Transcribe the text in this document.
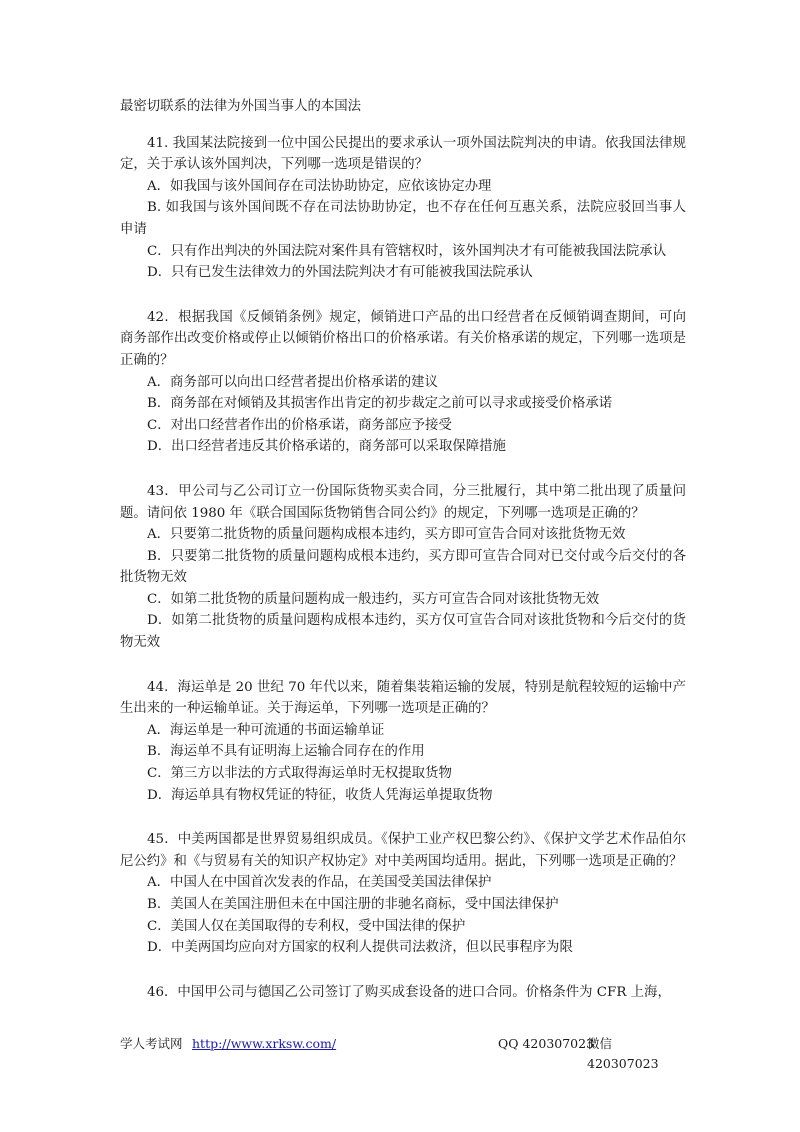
最密切联系的法律为外国当事人的本国法

41. 我国某法院接到一位中国公民提出的要求承认一项外国法院判决的申请。依我国法律规定，关于承认该外国判决，下列哪一选项是错误的？

A．如我国与该外国间存在司法协助协定，应依该协定办理

B. 如我国与该外国间既不存在司法协助协定，也不存在任何互惠关系，法院应驳回当事人申请

C．只有作出判决的外国法院对案件具有管辖权时，该外国判决才有可能被我国法院承认

D．只有已发生法律效力的外国法院判决才有可能被我国法院承认

42．根据我国《反倾销条例》规定，倾销进口产品的出口经营者在反倾销调查期间，可向商务部作出改变价格或停止以倾销价格出口的价格承诺。有关价格承诺的规定，下列哪一选项是正确的？

A．商务部可以向出口经营者提出价格承诺的建议

B．商务部在对倾销及其损害作出肯定的初步裁定之前可以寻求或接受价格承诺

C．对出口经营者作出的价格承诺，商务部应予接受

D．出口经营者违反其价格承诺的，商务部可以采取保障措施

43．甲公司与乙公司订立一份国际货物买卖合同，分三批履行，其中第二批出现了质量问题。请问依 1980 年《联合国国际货物销售合同公约》的规定，下列哪一选项是正确的？

A．只要第二批货物的质量问题构成根本违约，买方即可宣告合同对该批货物无效

B．只要第二批货物的质量问题构成根本违约，买方即可宣告合同对已交付或今后交付的各批货物无效

C．如第二批货物的质量问题构成一般违约，买方可宣告合同对该批货物无效

D．如第二批货物的质量问题构成根本违约，买方仅可宣告合同对该批货物和今后交付的货物无效

44．海运单是 20 世纪 70 年代以来，随着集装箱运输的发展，特别是航程较短的运输中产生出来的一种运输单证。关于海运单，下列哪一选项是正确的？

A．海运单是一种可流通的书面运输单证

B．海运单不具有证明海上运输合同存在的作用

C．第三方以非法的方式取得海运单时无权提取货物

D．海运单具有物权凭证的特征，收货人凭海运单提取货物

45．中美两国都是世界贸易组织成员。《保护工业产权巴黎公约》、《保护文学艺术作品伯尔尼公约》和《与贸易有关的知识产权协定》对中美两国均适用。据此，下列哪一选项是正确的？

A．中国人在中国首次发表的作品，在美国受美国法律保护

B．美国人在美国注册但未在中国注册的非驰名商标，受中国法律保护

C．美国人仅在美国取得的专利权，受中国法律的保护

D．中美两国均应向对方国家的权利人提供司法救济，但以民事程序为限

46．中国甲公司与德国乙公司签订了购买成套设备的进口合同。价格条件为 CFR 上海，

学人考试网 http://www.xrksw.com/	QQ 420307023
微信 420307023
